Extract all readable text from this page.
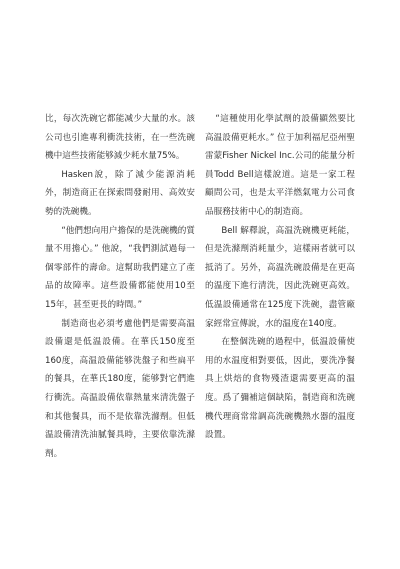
比，每次洗碗它都能减少大量的水。該公司也引進專利衝洗技術，在一些洗碗機中這些技術能够減少耗水量75%。

Hasken說，除了減少能源消耗外，制造商正在探索問發耐用、高效安勢的洗碗機。

“他們想向用户擔保的是洗碗機的質量不用擔心。” 他說，“我們測試過每一個零部件的壽命。這幫助我們建立了產品的故障率。這些設備都能使用10至15年，甚至更長的時間。”

制造商也必須考慮他們是需要高温設備還是低温設備。在華氏150度至160度，高温設備能够洗盤子和些扁平的餐具，在華氏180度，能够對它們進行衝洗。高温設備依靠熱量來清洗盤子和其他餐具，而不是依靠洗滌劑。但低温設備清洗油膩餐具時，主要依靠洗滌劑。

“這種使用化學試劑的設備顯然要比高温設備更耗水。” 位于加利福尼亞州聖雷蒙Fisher Nickel Inc.公司的能量分析員Todd Bell這樣說道。這是一家工程顧問公司，也是太平洋燃氣電力公司食品服務技術中心的制造商。

Bell 解釋說，高温洗碗機更耗能，但是洗滌劑消耗量少，這樣兩者就可以抵消了。另外，高温洗碗設備是在更高的温度下進行清洗，因此洗碗更高效。低温設備通常在125度下洗碗，盡管廠家經常宣傳說，水的温度在140度。

在整個洗碗的過程中，低温設備使用的水温度相對要低，因此，要洗净餐具上烘焙的食物殘渣還需要更高的温度。爲了彌補這個缺陷，制造商和洗碗機代理商常常調高洗碗機熱水器的温度設置。
